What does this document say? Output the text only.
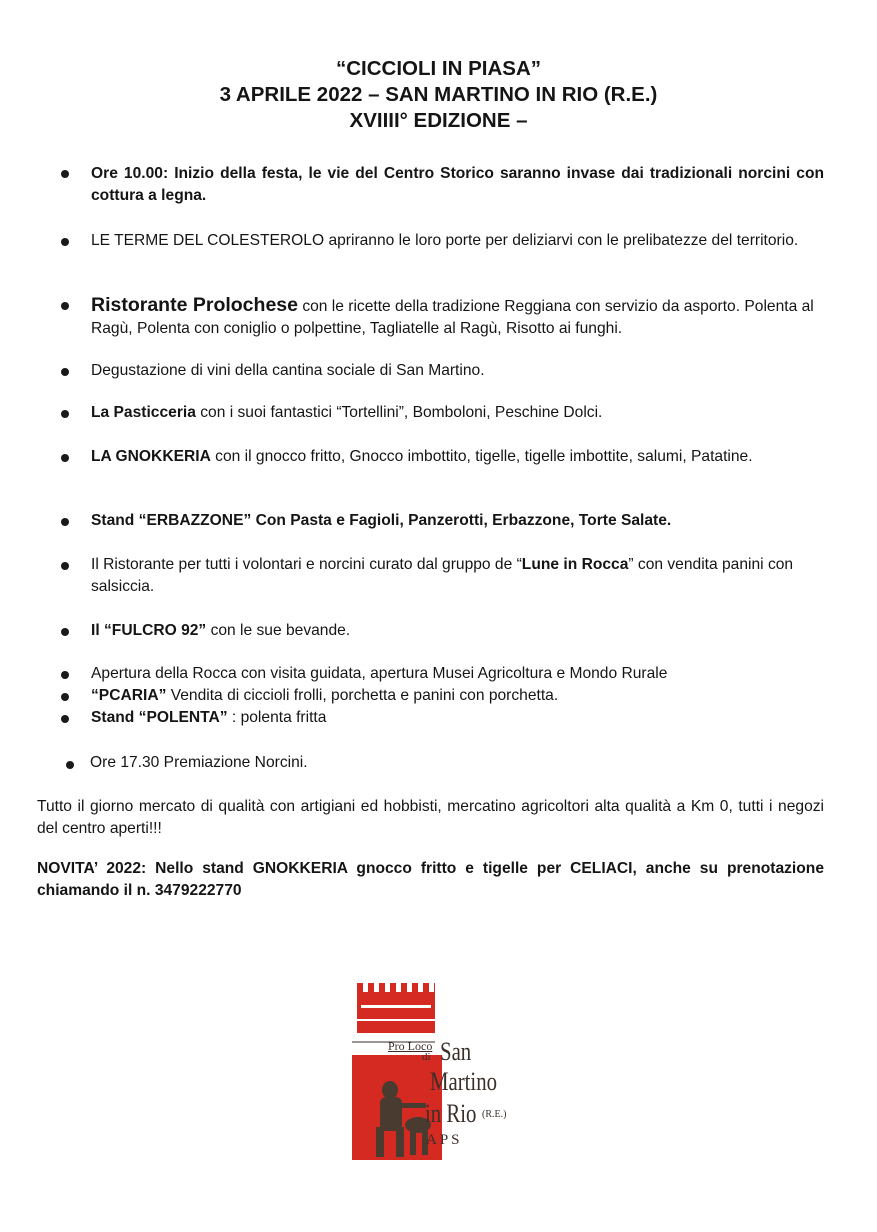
“CICCIOLI IN PIASA”
3 APRILE 2022 – SAN MARTINO IN RIO (R.E.)
XVIIII° EDIZIONE –
Ore 10.00: Inizio della festa, le vie del Centro Storico saranno invase dai tradizionali norcini con cottura a legna.
LE TERME DEL COLESTEROLO apriranno le loro porte per deliziarvi con le prelibatezze del territorio.
Ristorante Prolochese con le ricette della tradizione Reggiana con servizio da asporto. Polenta al Ragù, Polenta con coniglio o polpettine, Tagliatelle al Ragù, Risotto ai funghi.
Degustazione di vini della cantina sociale di San Martino.
La Pasticceria con i suoi fantastici “Tortellini”, Bomboloni, Peschine Dolci.
LA GNOKKERIA con il gnocco fritto, Gnocco imbottito, tigelle, tigelle imbottite, salumi, Patatine.
Stand “ERBAZZONE” Con Pasta e Fagioli, Panzerotti, Erbazzone, Torte Salate.
Il Ristorante per tutti i volontari e norcini curato dal gruppo de “Lune in Rocca” con vendita panini con salsiccia.
Il “FULCRO 92” con le sue bevande.
Apertura della Rocca con visita guidata, apertura Musei Agricoltura e Mondo Rurale
“PCARIA” Vendita di ciccioli frolli, porchetta e panini con porchetta.
Stand “POLENTA” : polenta fritta
Ore 17.30 Premiazione Norcini.
Tutto il giorno mercato di qualità con artigiani ed hobbisti, mercatino agricoltori alta qualità a Km 0, tutti i negozi del centro aperti!!!
NOVITA’ 2022: Nello stand GNOKKERIA gnocco fritto e tigelle per CELIACI, anche su prenotazione chiamando il n. 3479222770
Pro Loco
di San
Martino
in Rio (R.E.)
APS
